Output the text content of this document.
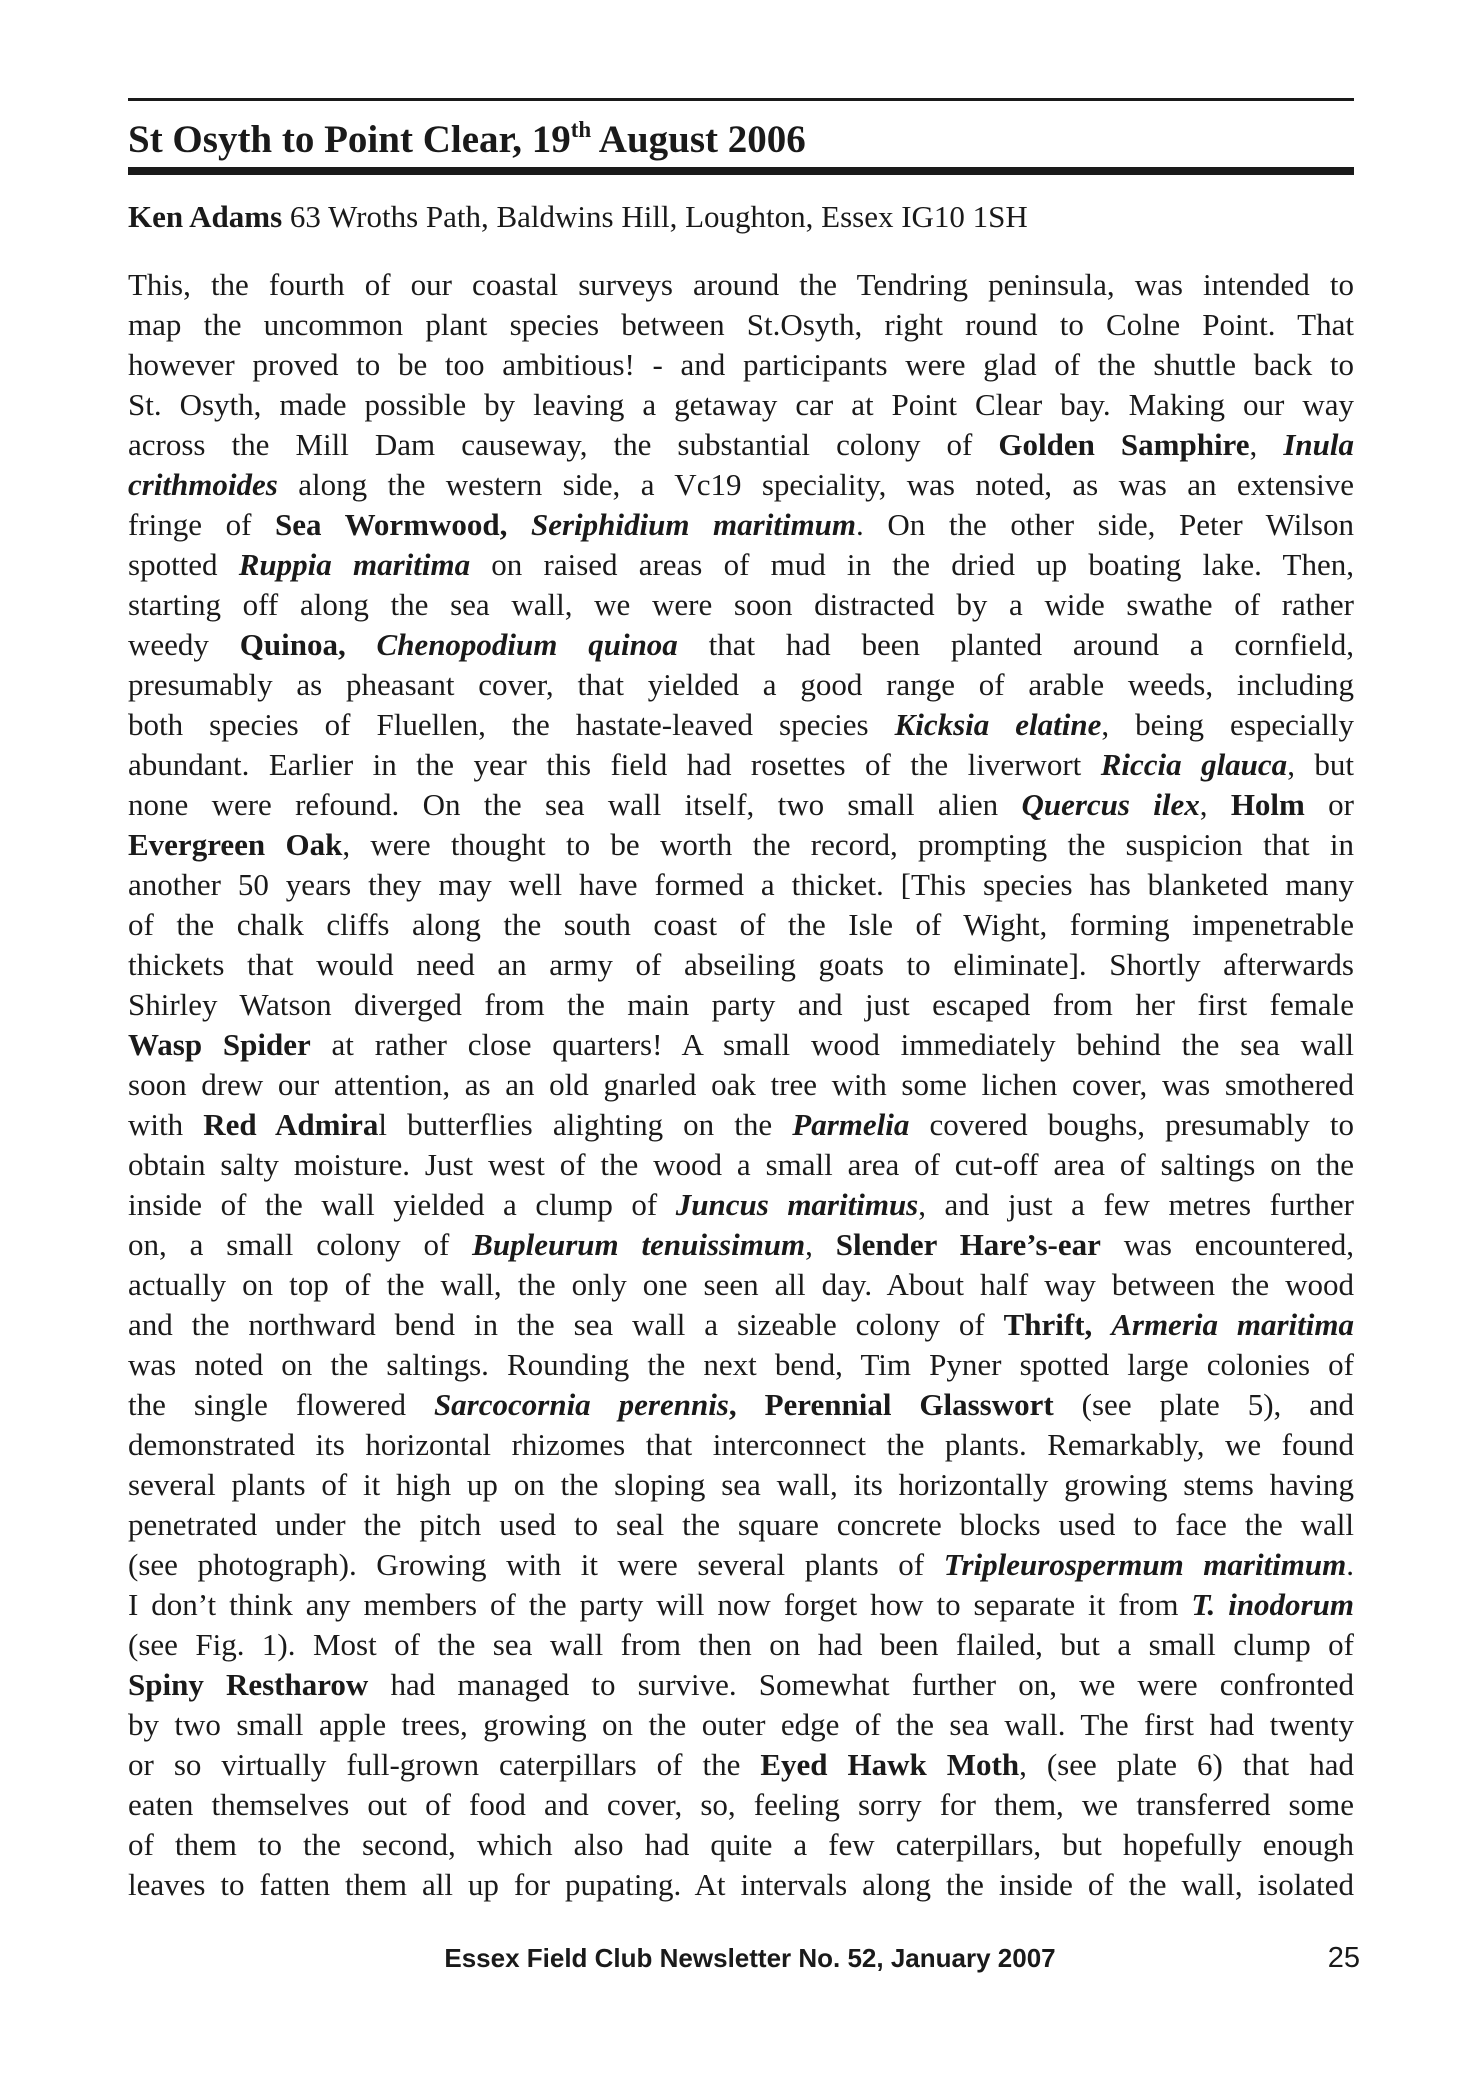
St Osyth to Point Clear, 19th August 2006
Ken Adams 63 Wroths Path, Baldwins Hill, Loughton, Essex IG10 1SH
This, the fourth of our coastal surveys around the Tendring peninsula, was intended to
map the uncommon plant species between St.Osyth, right round to Colne Point. That
however proved to be too ambitious! - and participants were glad of the shuttle back to
St. Osyth, made possible by leaving a getaway car at Point Clear bay. Making our way
across the Mill Dam causeway, the substantial colony of Golden Samphire, Inula
crithmoides along the western side, a Vc19 speciality, was noted, as was an extensive
fringe of Sea Wormwood, Seriphidium maritimum. On the other side, Peter Wilson
spotted Ruppia maritima on raised areas of mud in the dried up boating lake. Then,
starting off along the sea wall, we were soon distracted by a wide swathe of rather
weedy Quinoa, Chenopodium quinoa that had been planted around a cornfield,
presumably as pheasant cover, that yielded a good range of arable weeds, including
both species of Fluellen, the hastate-leaved species Kicksia elatine, being especially
abundant. Earlier in the year this field had rosettes of the liverwort Riccia glauca, but
none were refound. On the sea wall itself, two small alien Quercus ilex, Holm or
Evergreen Oak, were thought to be worth the record, prompting the suspicion that in
another 50 years they may well have formed a thicket. [This species has blanketed many
of the chalk cliffs along the south coast of the Isle of Wight, forming impenetrable
thickets that would need an army of abseiling goats to eliminate]. Shortly afterwards
Shirley Watson diverged from the main party and just escaped from her first female
Wasp Spider at rather close quarters! A small wood immediately behind the sea wall
soon drew our attention, as an old gnarled oak tree with some lichen cover, was smothered
with Red Admiral butterflies alighting on the Parmelia covered boughs, presumably to
obtain salty moisture. Just west of the wood a small area of cut-off area of saltings on the
inside of the wall yielded a clump of Juncus maritimus, and just a few metres further
on, a small colony of Bupleurum tenuissimum, Slender Hare’s-ear was encountered,
actually on top of the wall, the only one seen all day. About half way between the wood
and the northward bend in the sea wall a sizeable colony of Thrift, Armeria maritima
was noted on the saltings. Rounding the next bend, Tim Pyner spotted large colonies of
the single flowered Sarcocornia perennis, Perennial Glasswort (see plate 5), and
demonstrated its horizontal rhizomes that interconnect the plants. Remarkably, we found
several plants of it high up on the sloping sea wall, its horizontally growing stems having
penetrated under the pitch used to seal the square concrete blocks used to face the wall
(see photograph). Growing with it were several plants of Tripleurospermum maritimum.
I don’t think any members of the party will now forget how to separate it from T. inodorum
(see Fig. 1). Most of the sea wall from then on had been flailed, but a small clump of
Spiny Restharow had managed to survive. Somewhat further on, we were confronted
by two small apple trees, growing on the outer edge of the sea wall. The first had twenty
or so virtually full-grown caterpillars of the Eyed Hawk Moth, (see plate 6) that had
eaten themselves out of food and cover, so, feeling sorry for them, we transferred some
of them to the second, which also had quite a few caterpillars, but hopefully enough
leaves to fatten them all up for pupating. At intervals along the inside of the wall, isolated
Essex Field Club Newsletter No. 52, January 2007	25
